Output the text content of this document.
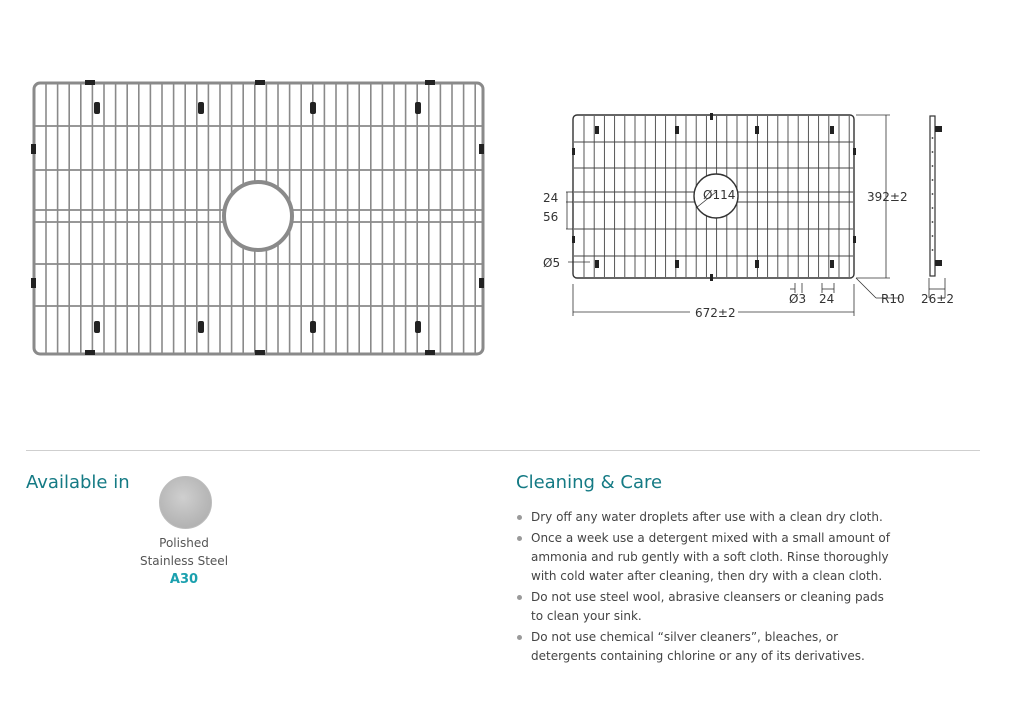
Ø114	392±2
672±2
24
56
Ø5
Ø3 24	R10 26±2
Available in
Polished
Stainless Steel
A30
Cleaning & Care
Dry off any water droplets after use with a clean dry cloth.
Once a week use a detergent mixed with a small amount of ammonia and rub gently with a soft cloth. Rinse thoroughly with cold water after cleaning, then dry with a clean cloth.
Do not use steel wool, abrasive cleansers or cleaning pads to clean your sink.
Do not use chemical “silver cleaners”, bleaches, or detergents containing chlorine or any of its derivatives.
